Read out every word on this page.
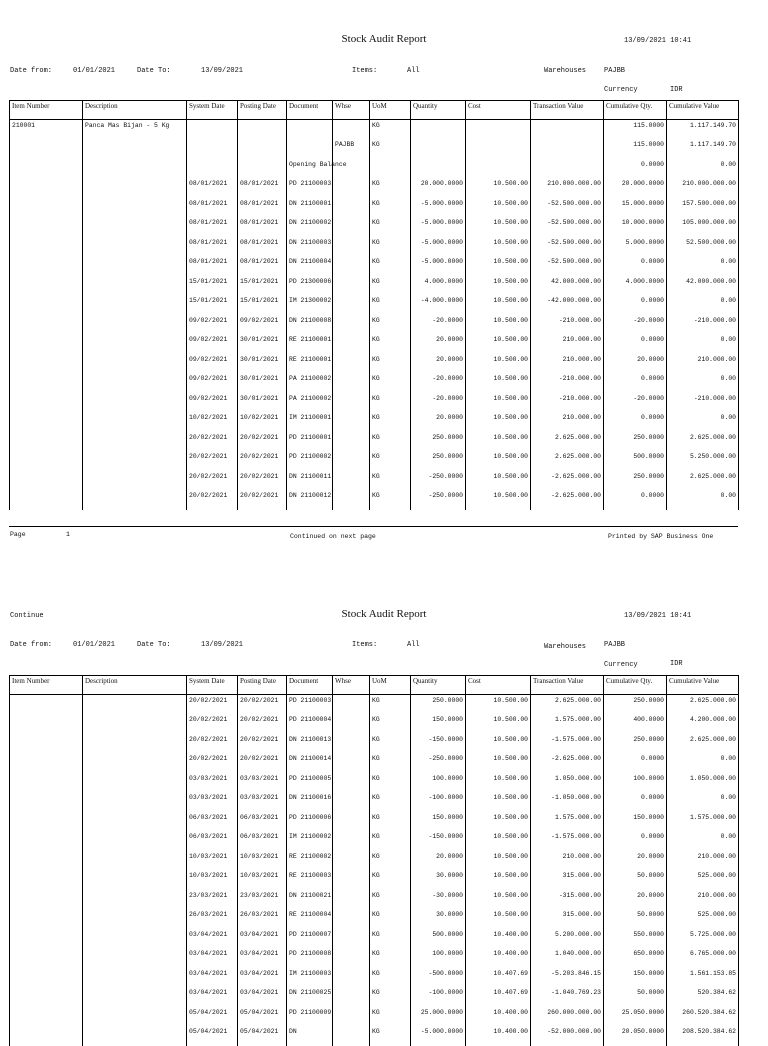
Stock Audit Report	13/09/2021 10:41
Date from:	01/01/2021	Date To:	13/09/2021	Items:	All	Warehouses	PAJBB
Currency	IDR
Item Number	Description	System Date	Posting Date	Document	Whse	UoM	Quantity	Cost	Transaction Value	Cumulative Qty.	Cumulative Value
210001	Panca Mas Bijan - 5 Kg					KG				115.0000	1.117.149.70
					PAJBB	KG				115.0000	1.117.149.70
				Opening Balance						0.0000	0.00
		08/01/2021	08/01/2021	PD 21100003		KG	20.000.0000	10.500.00	210.000.000.00	20.000.0000	210.000.000.00
		08/01/2021	08/01/2021	DN 21100001		KG	-5.000.0000	10.500.00	-52.500.000.00	15.000.0000	157.500.000.00
		08/01/2021	08/01/2021	DN 21100002		KG	-5.000.0000	10.500.00	-52.500.000.00	10.000.0000	105.000.000.00
		08/01/2021	08/01/2021	DN 21100003		KG	-5.000.0000	10.500.00	-52.500.000.00	5.000.0000	52.500.000.00
		08/01/2021	08/01/2021	DN 21100004		KG	-5.000.0000	10.500.00	-52.500.000.00	0.0000	0.00
		15/01/2021	15/01/2021	PD 21300006		KG	4.000.0000	10.500.00	42.000.000.00	4.000.0000	42.000.000.00
		15/01/2021	15/01/2021	IM 21300002		KG	-4.000.0000	10.500.00	-42.000.000.00	0.0000	0.00
		09/02/2021	09/02/2021	DN 21100008		KG	-20.0000	10.500.00	-210.000.00	-20.0000	-210.000.00
		09/02/2021	30/01/2021	RE 21100001		KG	20.0000	10.500.00	210.000.00	0.0000	0.00
		09/02/2021	30/01/2021	RE 21100001		KG	20.0000	10.500.00	210.000.00	20.0000	210.000.00
		09/02/2021	30/01/2021	PA 21100002		KG	-20.0000	10.500.00	-210.000.00	0.0000	0.00
		09/02/2021	30/01/2021	PA 21100002		KG	-20.0000	10.500.00	-210.000.00	-20.0000	-210.000.00
		10/02/2021	10/02/2021	IM 21100001		KG	20.0000	10.500.00	210.000.00	0.0000	0.00
		20/02/2021	20/02/2021	PD 21100001		KG	250.0000	10.500.00	2.625.000.00	250.0000	2.625.000.00
		20/02/2021	20/02/2021	PD 21100002		KG	250.0000	10.500.00	2.625.000.00	500.0000	5.250.000.00
		20/02/2021	20/02/2021	DN 21100011		KG	-250.0000	10.500.00	-2.625.000.00	250.0000	2.625.000.00
		20/02/2021	20/02/2021	DN 21100012		KG	-250.0000	10.500.00	-2.625.000.00	0.0000	0.00
Page	1	Continued on next page	Printed by SAP Business One
Continue	Stock Audit Report	13/09/2021 10:41
Date from:	01/01/2021	Date To:	13/09/2021	Items:	All	Warehouses	PAJBB
Currency	IDR
Item Number	Description	System Date	Posting Date	Document	Whse	UoM	Quantity	Cost	Transaction Value	Cumulative Qty.	Cumulative Value
		20/02/2021	20/02/2021	PD 21100003		KG	250.0000	10.500.00	2.625.000.00	250.0000	2.625.000.00
		20/02/2021	20/02/2021	PD 21100004		KG	150.0000	10.500.00	1.575.000.00	400.0000	4.200.000.00
		20/02/2021	20/02/2021	DN 21100013		KG	-150.0000	10.500.00	-1.575.000.00	250.0000	2.625.000.00
		20/02/2021	20/02/2021	DN 21100014		KG	-250.0000	10.500.00	-2.625.000.00	0.0000	0.00
		03/03/2021	03/03/2021	PD 21100005		KG	100.0000	10.500.00	1.050.000.00	100.0000	1.050.000.00
		03/03/2021	03/03/2021	DN 21100016		KG	-100.0000	10.500.00	-1.050.000.00	0.0000	0.00
		06/03/2021	06/03/2021	PD 21100006		KG	150.0000	10.500.00	1.575.000.00	150.0000	1.575.000.00
		06/03/2021	06/03/2021	IM 21100002		KG	-150.0000	10.500.00	-1.575.000.00	0.0000	0.00
		10/03/2021	10/03/2021	RE 21100002		KG	20.0000	10.500.00	210.000.00	20.0000	210.000.00
		10/03/2021	10/03/2021	RE 21100003		KG	30.0000	10.500.00	315.000.00	50.0000	525.000.00
		23/03/2021	23/03/2021	DN 21100021		KG	-30.0000	10.500.00	-315.000.00	20.0000	210.000.00
		26/03/2021	26/03/2021	RE 21100004		KG	30.0000	10.500.00	315.000.00	50.0000	525.000.00
		03/04/2021	03/04/2021	PD 21100007		KG	500.0000	10.400.00	5.200.000.00	550.0000	5.725.000.00
		03/04/2021	03/04/2021	PD 21100008		KG	100.0000	10.400.00	1.040.000.00	650.0000	6.765.000.00
		03/04/2021	03/04/2021	IM 21100003		KG	-500.0000	10.407.69	-5.203.846.15	150.0000	1.561.153.85
		03/04/2021	03/04/2021	DN 21100025		KG	-100.0000	10.407.69	-1.040.769.23	50.0000	520.384.62
		05/04/2021	05/04/2021	PD 21100009		KG	25.000.0000	10.400.00	260.000.000.00	25.050.0000	260.520.384.62
		05/04/2021	05/04/2021	DN		KG	-5.000.0000	10.400.00	-52.000.000.00	20.050.0000	208.520.384.62
